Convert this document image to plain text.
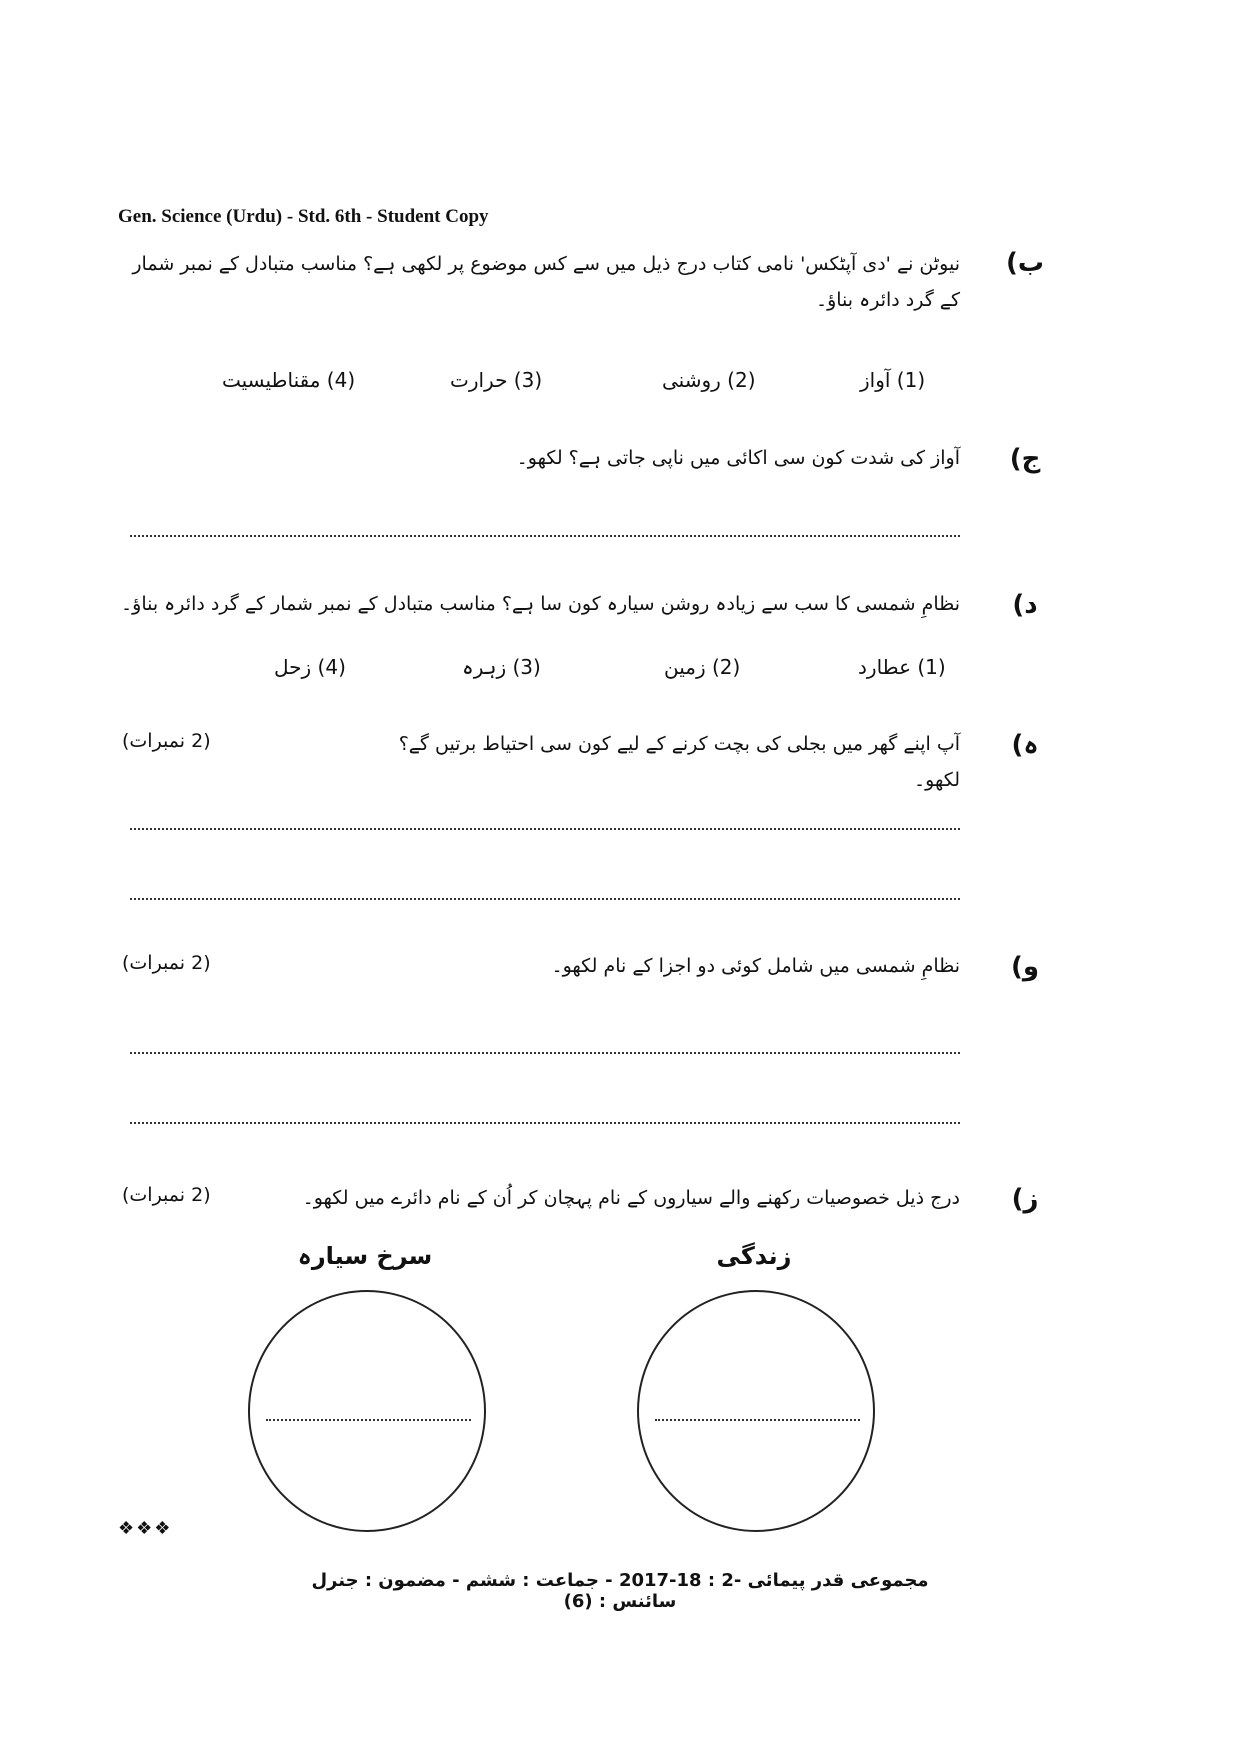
Gen. Science (Urdu) - Std. 6th - Student Copy
ب)
نیوٹن نے 'دی آپٹکس' نامی کتاب درج ذیل میں سے کس موضوع پر لکھی ہے؟ مناسب متبادل کے نمبر شمار کے گرد دائرہ بناؤ۔
(1) آواز
(2) روشنی
(3) حرارت
(4) مقناطیسیت
ج)
آواز کی شدت کون سی اکائی میں ناپی جاتی ہے؟ لکھو۔
د)
نظامِ شمسی کا سب سے زیادہ روشن سیارہ کون سا ہے؟ مناسب متبادل کے نمبر شمار کے گرد دائرہ بناؤ۔
(1) عطارد
(2) زمین
(3) زہرہ
(4) زحل
ہ)
آپ اپنے گھر میں بجلی کی بچت کرنے کے لیے کون سی احتیاط برتیں گے؟ لکھو۔
(2 نمبرات)
و)
نظامِ شمسی میں شامل کوئی دو اجزا کے نام لکھو۔
(2 نمبرات)
ز)
درج ذیل خصوصیات رکھنے والے سیاروں کے نام پہچان کر اُن کے نام دائرے میں لکھو۔
(2 نمبرات)
سرخ سیارہ	زندگی
❖❖❖
مجموعی قدر پیمائی -2 : 18-2017 - جماعت : ششم - مضمون : جنرل سائنس : (6)
